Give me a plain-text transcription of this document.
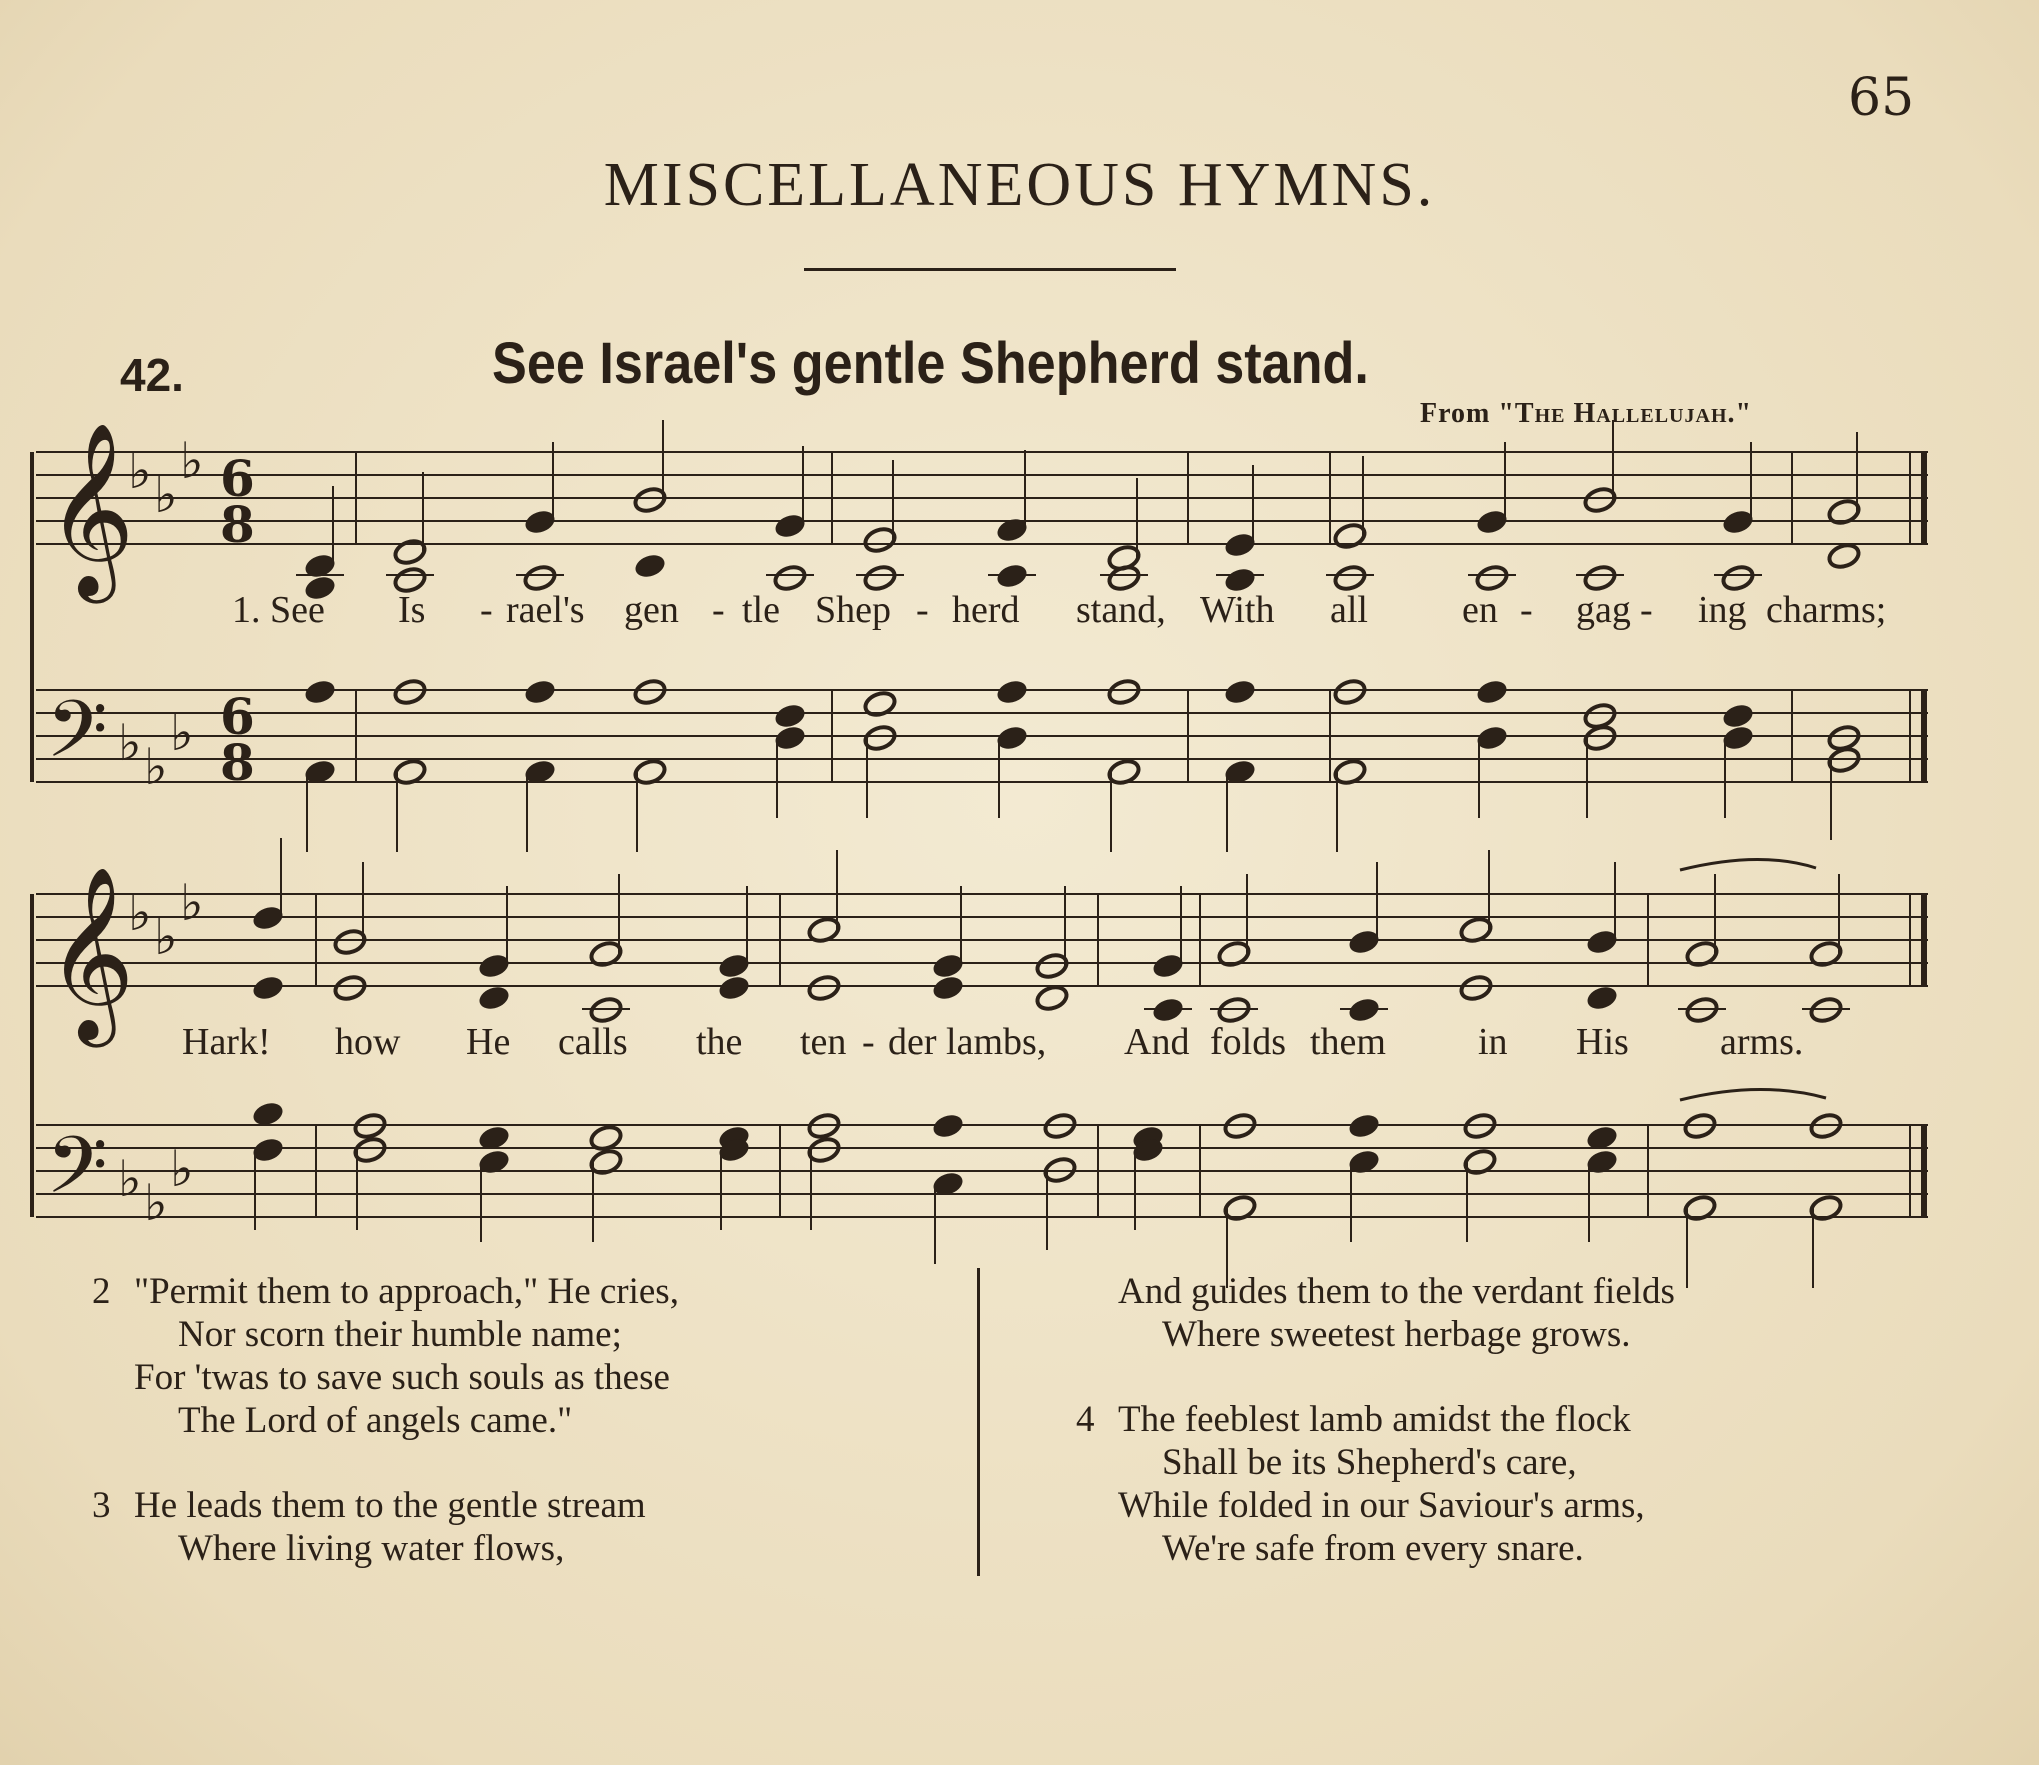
65
MISCELLANEOUS HYMNS.
42.	See Israel's gentle Shepherd stand.
From "The Hallelujah."
𝄞
𝄞
𝄢
𝄢
♭ ♭
♭
♭ ♭
♭
♭ ♭
♭
♭ ♭
♭
6
8
6
8
1. See Is - rael's gen - tle Shep - herd stand, With all en - gag - ing charms;
Hark! how He calls the ten - der lambs, And folds them in His arms.
2 "Permit them to approach," He cries,
Nor scorn their humble name;
For 'twas to save such souls as these
The Lord of angels came."
3 He leads them to the gentle stream
Where living water flows,
And guides them to the verdant fields
Where sweetest herbage grows.
4 The feeblest lamb amidst the flock
Shall be its Shepherd's care,
While folded in our Saviour's arms,
We're safe from every snare.
